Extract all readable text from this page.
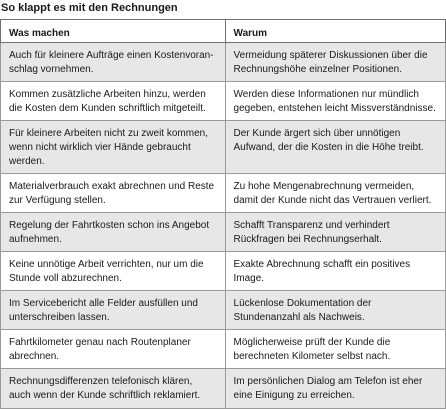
So klappt es mit den Rechnungen
Was machen	Warum
Auch für kleinere Aufträge einen Kostenvoran-schlag vornehmen.	Vermeidung späterer Diskussionen über die Rechnungshöhe einzelner Positionen.
Kommen zusätzliche Arbeiten hinzu, werden die Kosten dem Kunden schriftlich mitgeteilt.	Werden diese Informationen nur mündlich gegeben, entstehen leicht Missverständnisse.
Für kleinere Arbeiten nicht zu zweit kommen, wenn nicht wirklich vier Hände gebraucht werden.	Der Kunde ärgert sich über unnötigen Aufwand, der die Kosten in die Höhe treibt.
Materialverbrauch exakt abrechnen und Reste zur Verfügung stellen.	Zu hohe Mengenabrechnung vermeiden, damit der Kunde nicht das Vertrauen verliert.
Regelung der Fahrtkosten schon ins Angebot aufnehmen.	Schafft Transparenz und verhindert Rückfragen bei Rechnungserhalt.
Keine unnötige Arbeit verrichten, nur um die Stunde voll abzurechnen.	Exakte Abrechnung schafft ein positives Image.
Im Servicebericht alle Felder ausfüllen und unterschreiben lassen.	Lückenlose Dokumentation der Stundenanzahl als Nachweis.
Fahrtkilometer genau nach Routenplaner abrechnen.	Möglicherweise prüft der Kunde die berechneten Kilometer selbst nach.
Rechnungsdifferenzen telefonisch klären, auch wenn der Kunde schriftlich reklamiert.	Im persönlichen Dialog am Telefon ist eher eine Einigung zu erreichen.
